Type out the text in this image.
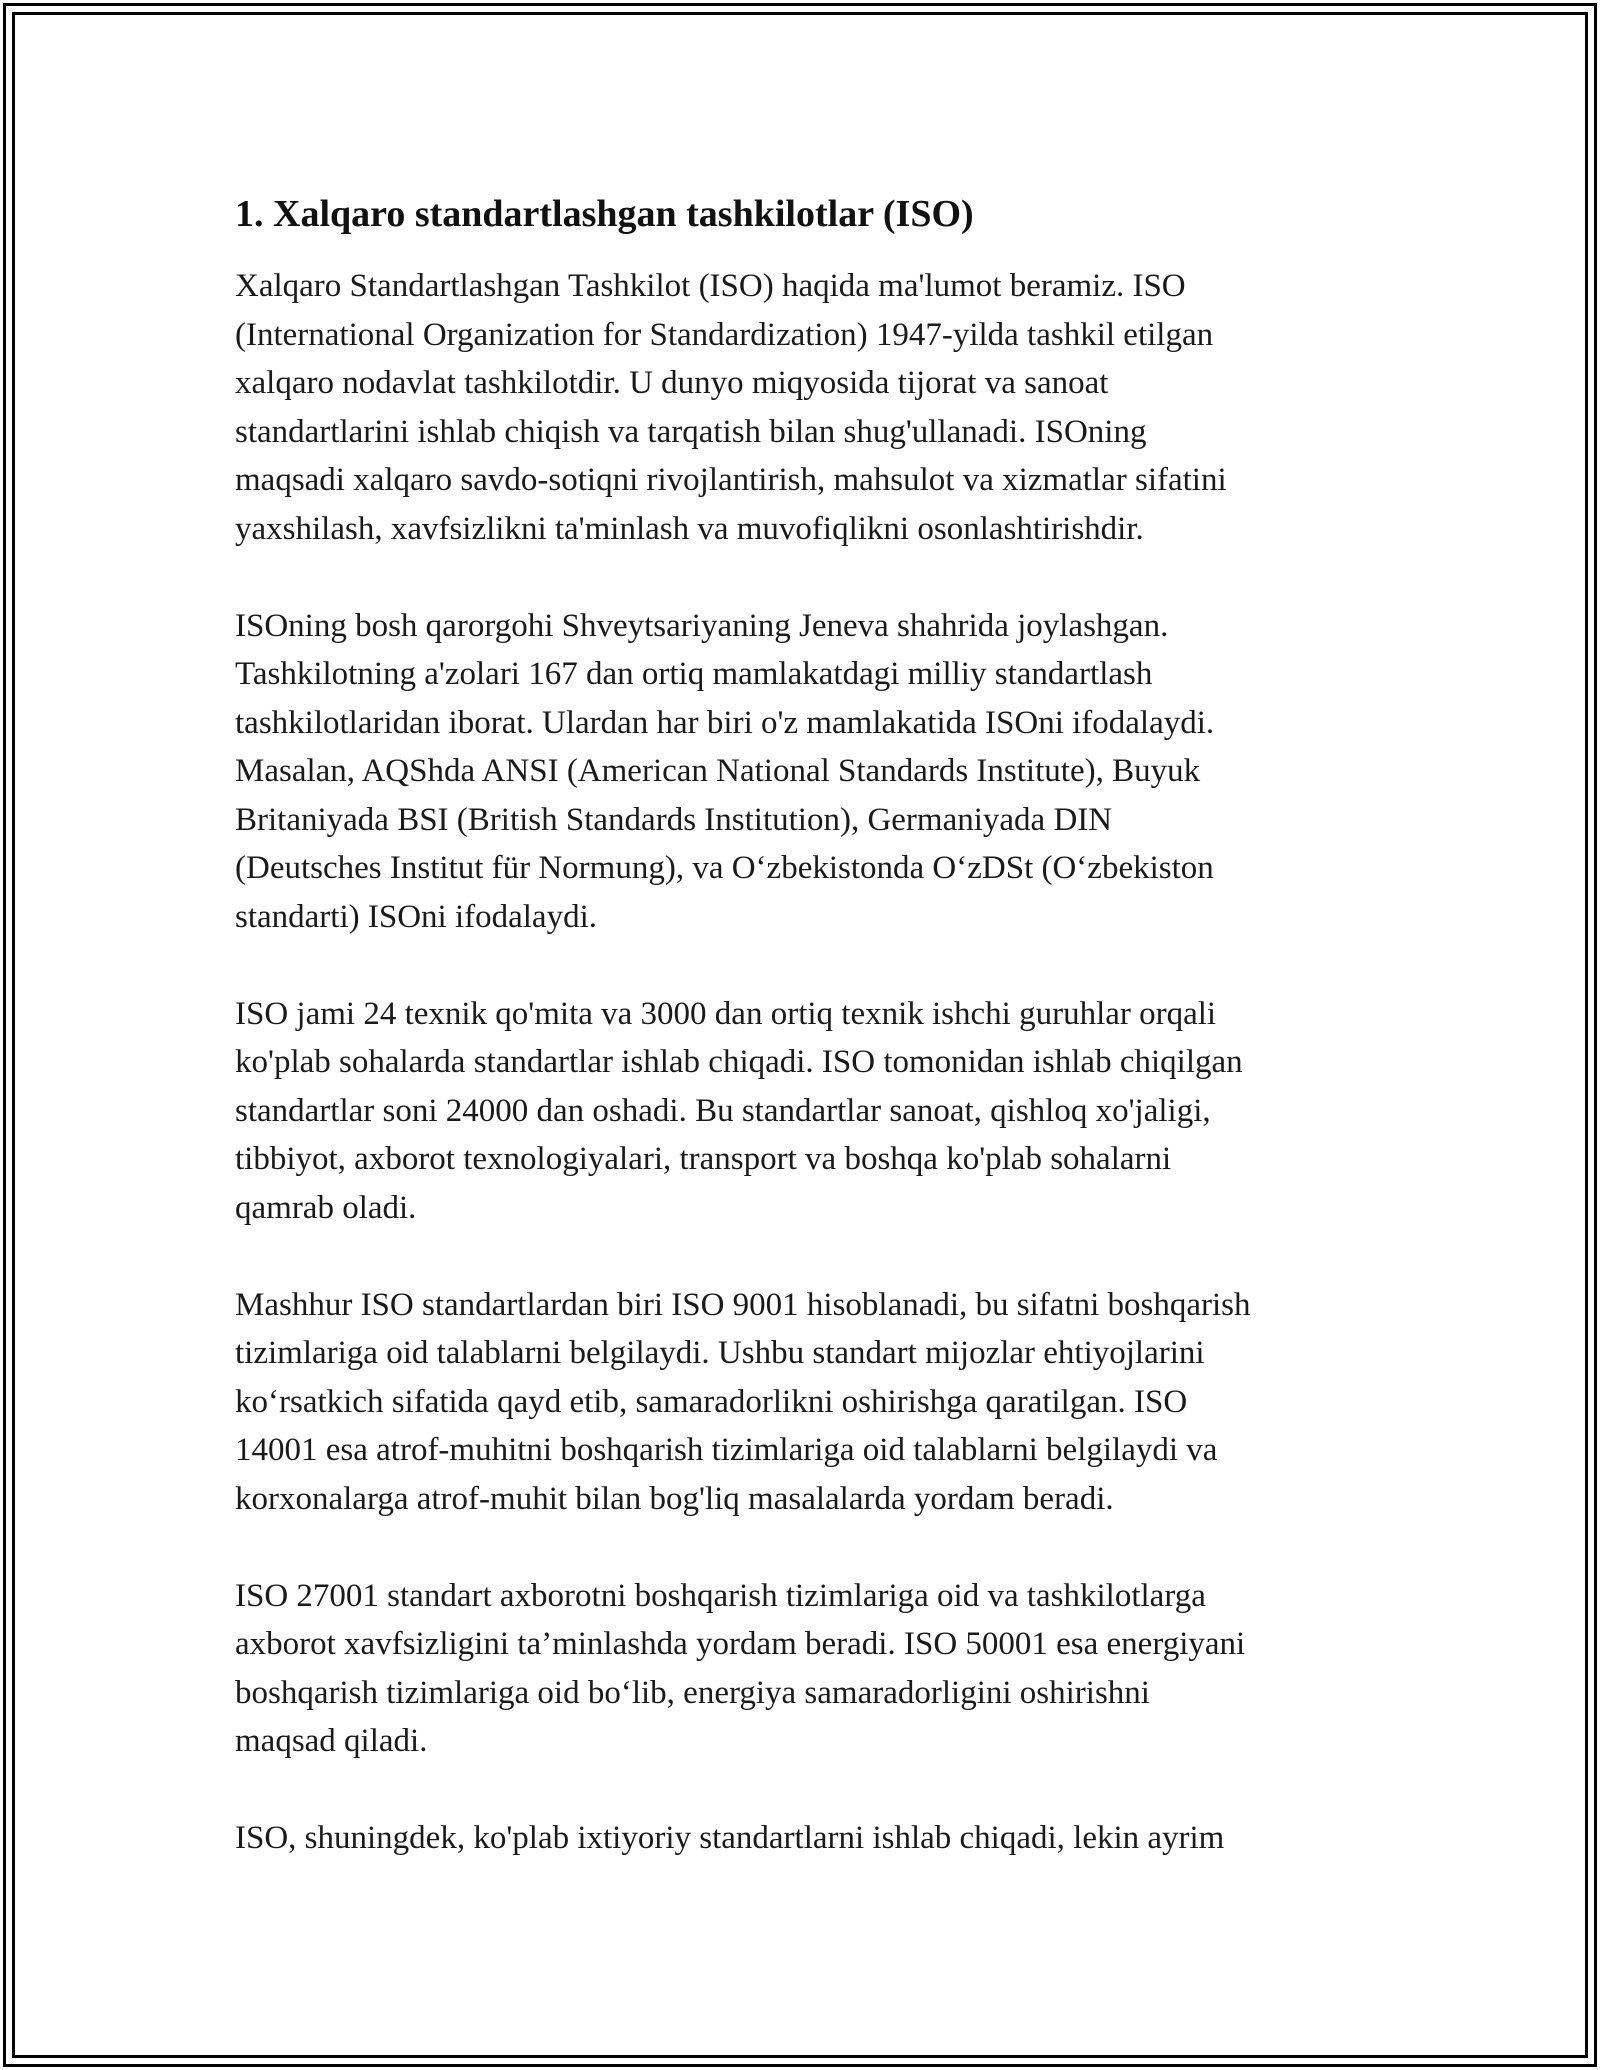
1. Xalqaro standartlashgan tashkilotlar (ISO)
Xalqaro Standartlashgan Tashkilot (ISO) haqida ma'lumot beramiz. ISO
(International Organization for Standardization) 1947-yilda tashkil etilgan
xalqaro nodavlat tashkilotdir. U dunyo miqyosida tijorat va sanoat
standartlarini ishlab chiqish va tarqatish bilan shug'ullanadi. ISOning
maqsadi xalqaro savdo-sotiqni rivojlantirish, mahsulot va xizmatlar sifatini
yaxshilash, xavfsizlikni ta'minlash va muvofiqlikni osonlashtirishdir.
ISOning bosh qarorgohi Shveytsariyaning Jeneva shahrida joylashgan.
Tashkilotning a'zolari 167 dan ortiq mamlakatdagi milliy standartlash
tashkilotlaridan iborat. Ulardan har biri o'z mamlakatida ISOni ifodalaydi.
Masalan, AQShda ANSI (American National Standards Institute), Buyuk
Britaniyada BSI (British Standards Institution), Germaniyada DIN
(Deutsches Institut für Normung), va O‘zbekistonda O‘zDSt (O‘zbekiston
standarti) ISOni ifodalaydi.
ISO jami 24 texnik qo'mita va 3000 dan ortiq texnik ishchi guruhlar orqali
ko'plab sohalarda standartlar ishlab chiqadi. ISO tomonidan ishlab chiqilgan
standartlar soni 24000 dan oshadi. Bu standartlar sanoat, qishloq xo'jaligi,
tibbiyot, axborot texnologiyalari, transport va boshqa ko'plab sohalarni
qamrab oladi.
Mashhur ISO standartlardan biri ISO 9001 hisoblanadi, bu sifatni boshqarish
tizimlariga oid talablarni belgilaydi. Ushbu standart mijozlar ehtiyojlarini
ko‘rsatkich sifatida qayd etib, samaradorlikni oshirishga qaratilgan. ISO
14001 esa atrof-muhitni boshqarish tizimlariga oid talablarni belgilaydi va
korxonalarga atrof-muhit bilan bog'liq masalalarda yordam beradi.
ISO 27001 standart axborotni boshqarish tizimlariga oid va tashkilotlarga
axborot xavfsizligini ta’minlashda yordam beradi. ISO 50001 esa energiyani
boshqarish tizimlariga oid bo‘lib, energiya samaradorligini oshirishni
maqsad qiladi.
ISO, shuningdek, ko'plab ixtiyoriy standartlarni ishlab chiqadi, lekin ayrim
